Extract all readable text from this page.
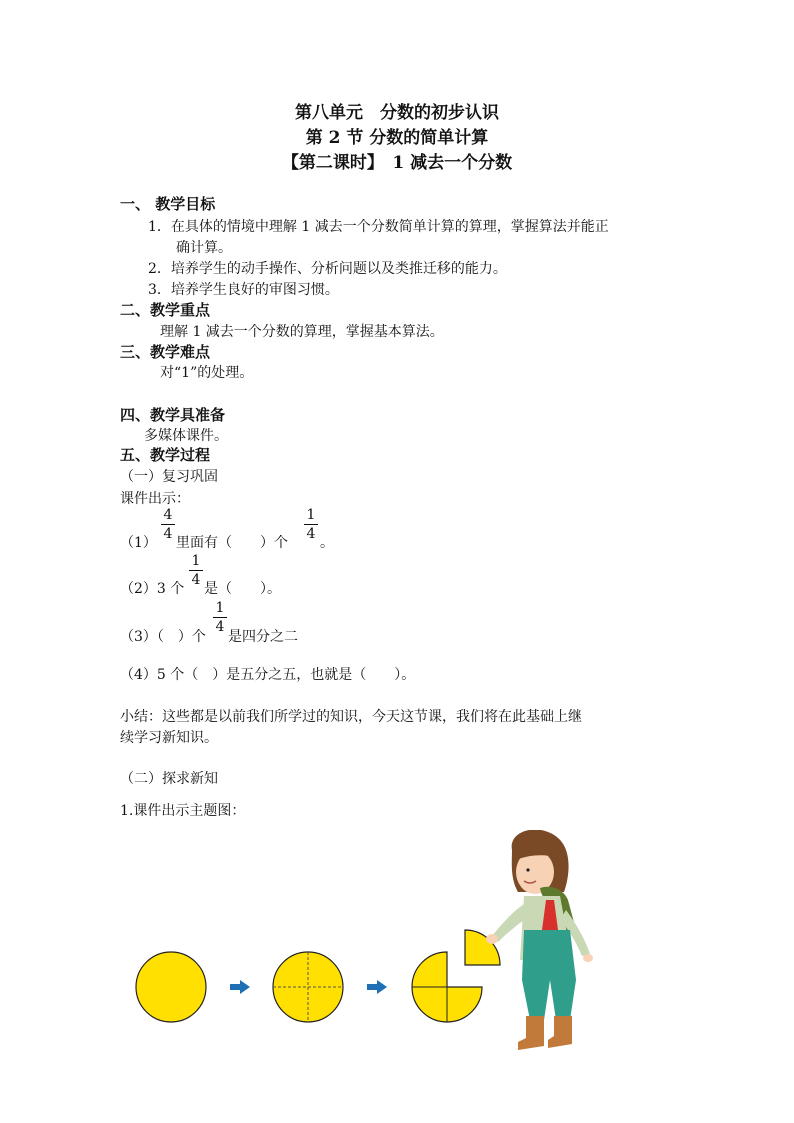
第八单元　分数的初步认识
第 2 节 分数的简单计算
【第二课时】　1 减去一个分数
一、 教学目标
1．在具体的情境中理解 1 减去一个分数简单计算的算理，掌握算法并能正
确计算。
2．培养学生的动手操作、分析问题以及类推迁移的能力。
3．培养学生良好的审图习惯。
二、教学重点
理解 1 减去一个分数的算理，掌握基本算法。
三、教学难点
对“1”的处理。
四、教学具准备
多媒体课件。
五、教学过程
（一）复习巩固
课件出示：
（1）
4
4
里面有（　　）个
1
4
。
（2）3 个
1
4
是（　　）。
（3）（　）个
1
4
是四分之二
（4）5 个（　）是五分之五，也就是（　　）。
小结：这些都是以前我们所学过的知识，今天这节课，我们将在此基础上继
续学习新知识。
（二）探求新知
1.课件出示主题图：
